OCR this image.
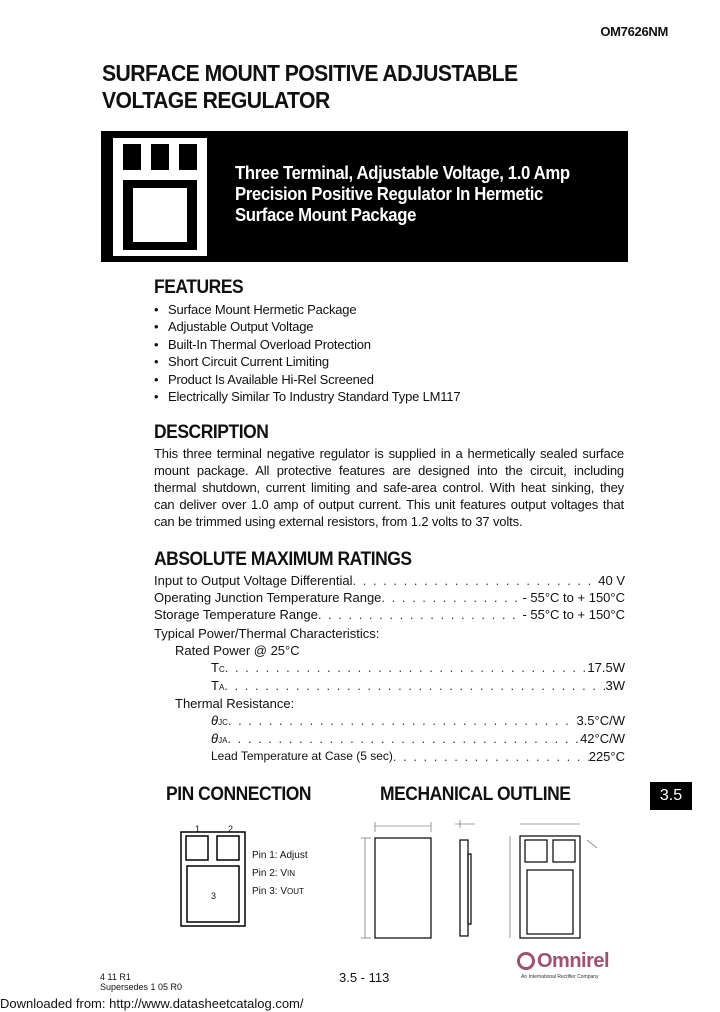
OM7626NM
SURFACE MOUNT POSITIVE ADJUSTABLE
VOLTAGE REGULATOR
Three Terminal, Adjustable Voltage, 1.0 Amp
Precision Positive Regulator In Hermetic
Surface Mount Package
FEATURES
• Surface Mount Hermetic Package
• Adjustable Output Voltage
• Built-In Thermal Overload Protection
• Short Circuit Current Limiting
• Product Is Available Hi-Rel Screened
• Electrically Similar To Industry Standard Type LM117
DESCRIPTION
This three terminal negative regulator is supplied in a hermetically sealed surface mount package. All protective features are designed into the circuit, including thermal shutdown, current limiting and safe-area control. With heat sinking, they can deliver over 1.0 amp of output current. This unit features output voltages that can be trimmed using external resistors, from 1.2 volts to 37 volts.
ABSOLUTE MAXIMUM RATINGS
Input to Output Voltage Differential . . .	40 V
Operating Junction Temperature Range . . .	- 55°C to + 150°C
Storage Temperature Range . . .	- 55°C to + 150°C
Typical Power/Thermal Characteristics:
Rated Power @ 25°C
TC . . .	17.5W
TA . . .	3W
Thermal Resistance:
θJC . . .	3.5°C/W
θJA . . .	42°C/W
Lead Temperature at Case (5 sec) . . .	225°C
PIN CONNECTION	MECHANICAL OUTLINE	3.5
1	2
3
Pin 1: Adjust
Pin 2: VIN
Pin 3: VOUT
4 11 R1
Supersedes 1 05 R0
3.5 - 113
Omnirel
An International Rectifier Company
Downloaded from: http://www.datasheetcatalog.com/
